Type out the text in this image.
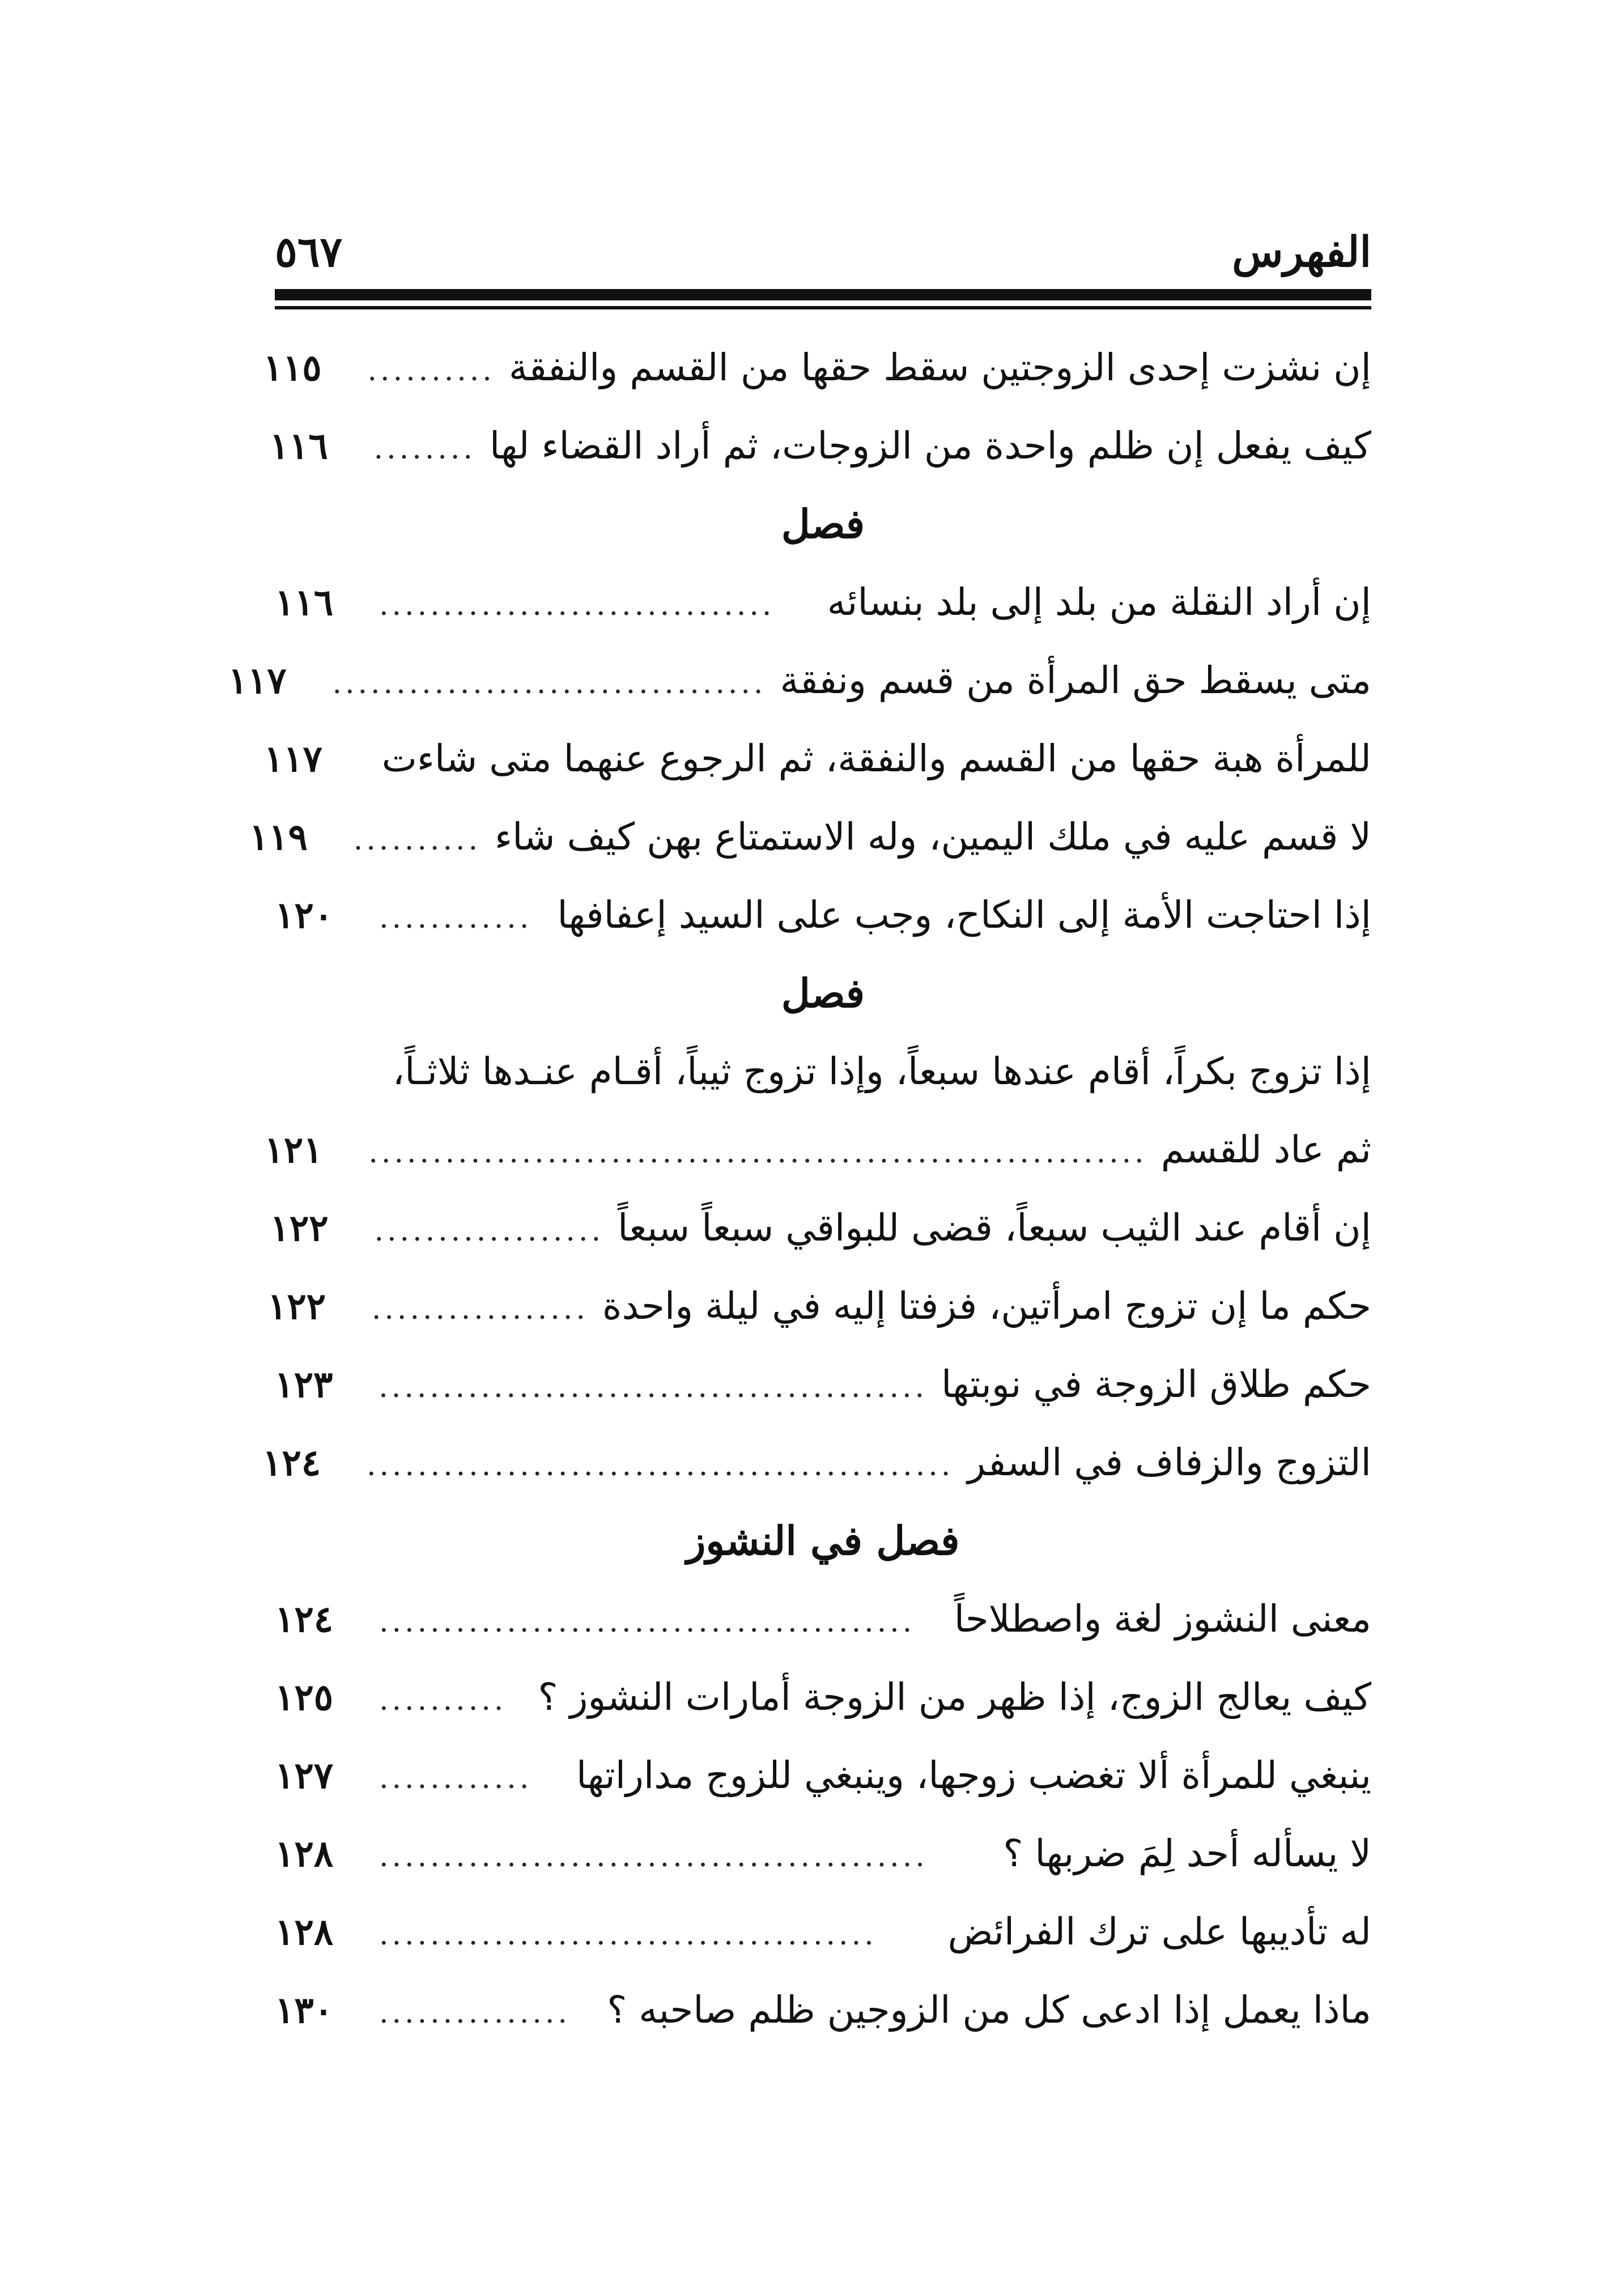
الفهرس
٥٦٧
إن نشزت إحدى الزوجتين سقط حقها من القسم والنفقة
..........
١١٥
كيف يفعل إن ظلم واحدة من الزوجات، ثم أراد القضاء لها
........
١١٦
فصل
إن أراد النقلة من بلد إلى بلد بنسائه
...............................
١١٦
متى يسقط حق المرأة من قسم ونفقة
..................................
١١٧
للمرأة هبة حقها من القسم والنفقة، ثم الرجوع عنهما متى شاءت
١١٧
لا قسم عليه في ملك اليمين، وله الاستمتاع بهن كيف شاء
..........
١١٩
إذا احتاجت الأمة إلى النكاح، وجب على السيد إعفافها
............
١٢٠
فصل
إذا تزوج بكراً، أقام عندها سبعاً، وإذا تزوج ثيباً، أقـام عنـدها ثلاثـاً،
ثم عاد للقسم
.............................................................
١٢١
إن أقام عند الثيب سبعاً، قضى للبواقي سبعاً سبعاً
..................
١٢٢
حكم ما إن تزوج امرأتين، فزفتا إليه في ليلة واحدة
.................
١٢٢
حكم طلاق الزوجة في نوبتها
...........................................
١٢٣
التزوج والزفاف في السفر
..............................................
١٢٤
فصل في النشوز
معنى النشوز لغة واصطلاحاً
..........................................
١٢٤
كيف يعالج الزوج، إذا ظهر من الزوجة أمارات النشوز ؟
..........
١٢٥
ينبغي للمرأة ألا تغضب زوجها، وينبغي للزوج مداراتها
............
١٢٧
لا يسأله أحد لِمَ ضربها ؟
...........................................
١٢٨
له تأديبها على ترك الفرائض
.......................................
١٢٨
ماذا يعمل إذا ادعى كل من الزوجين ظلم صاحبه ؟
...............
١٣٠
